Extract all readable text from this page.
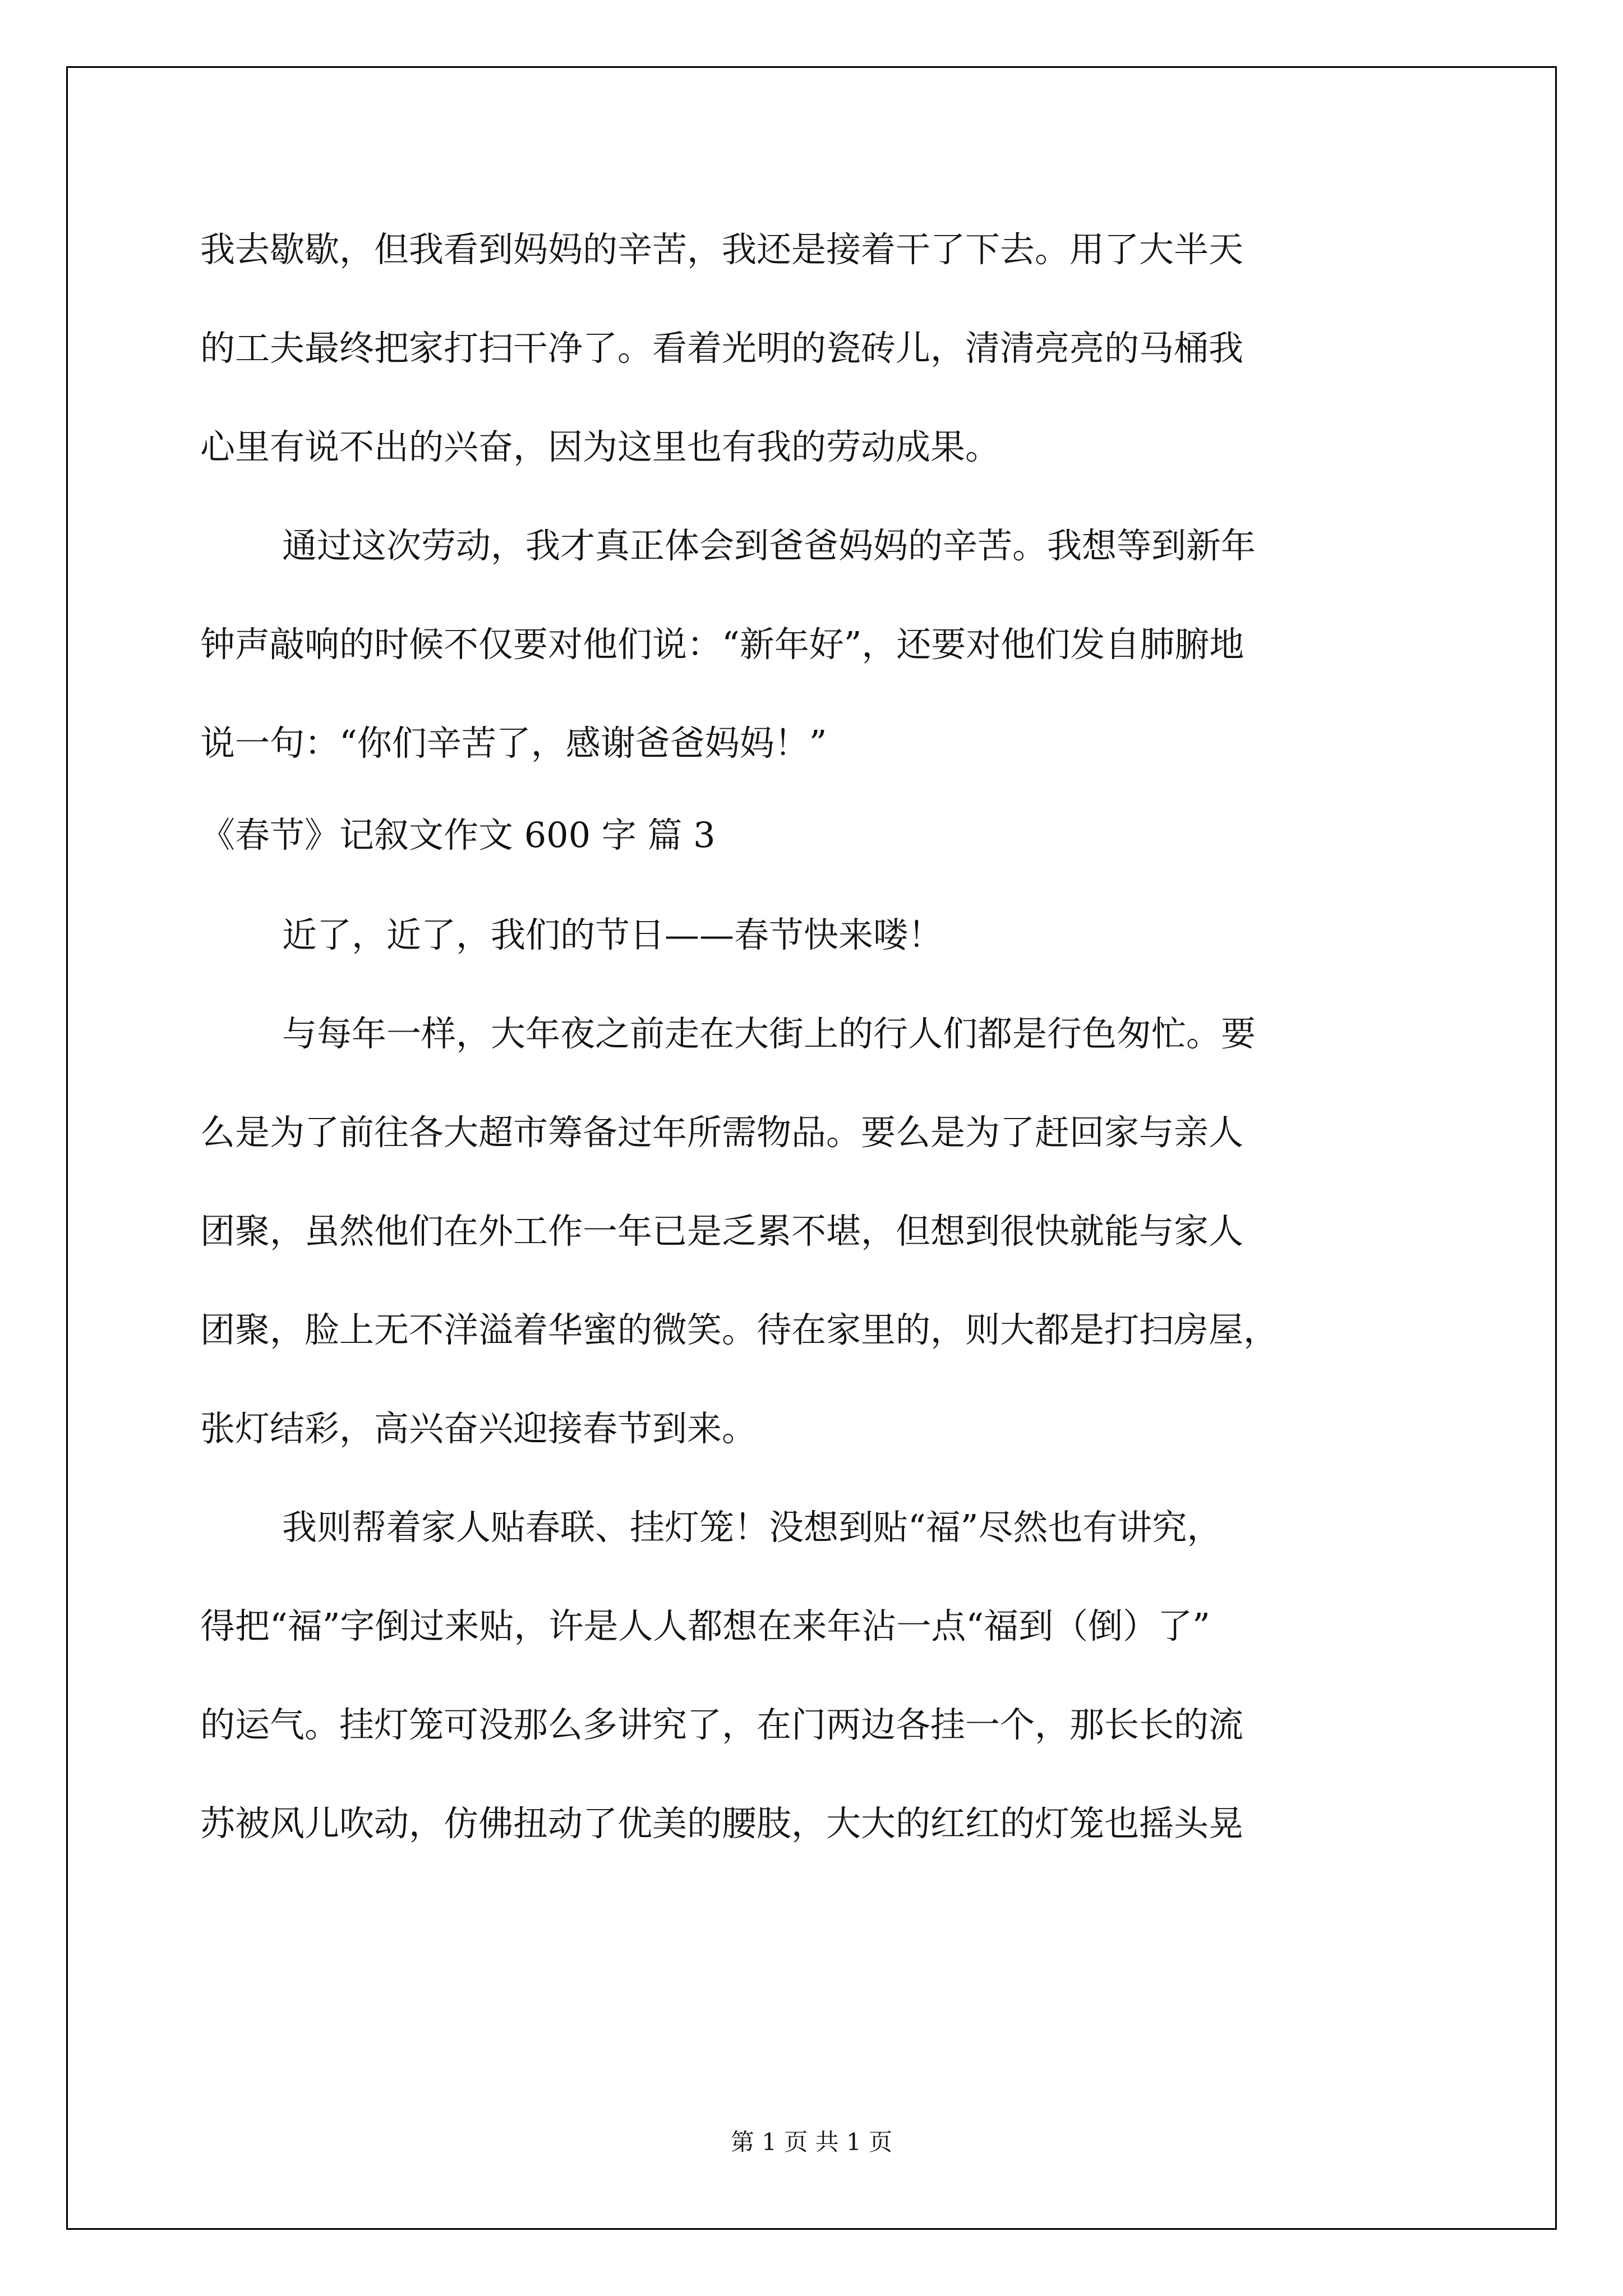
我去歇歇，但我看到妈妈的辛苦，我还是接着干了下去。用了大半天
的工夫最终把家打扫干净了。看着光明的瓷砖儿，清清亮亮的马桶我
心里有说不出的兴奋，因为这里也有我的劳动成果。
通过这次劳动，我才真正体会到爸爸妈妈的辛苦。我想等到新年
钟声敲响的时候不仅要对他们说：“新年好”，还要对他们发自肺腑地
说一句：“你们辛苦了，感谢爸爸妈妈！”
《春节》记叙文作文 600 字 篇 3
近了，近了，我们的节日——春节快来喽！
与每年一样，大年夜之前走在大街上的行人们都是行色匆忙。要
么是为了前往各大超市筹备过年所需物品。要么是为了赶回家与亲人
团聚，虽然他们在外工作一年已是乏累不堪，但想到很快就能与家人
团聚，脸上无不洋溢着华蜜的微笑。待在家里的，则大都是打扫房屋，
张灯结彩，高兴奋兴迎接春节到来。
我则帮着家人贴春联、挂灯笼！没想到贴“福”尽然也有讲究，
得把“福”字倒过来贴，许是人人都想在来年沾一点“福到（倒）了”
的运气。挂灯笼可没那么多讲究了，在门两边各挂一个，那长长的流
苏被风儿吹动，仿佛扭动了优美的腰肢，大大的红红的灯笼也摇头晃
第 1 页 共 1 页
